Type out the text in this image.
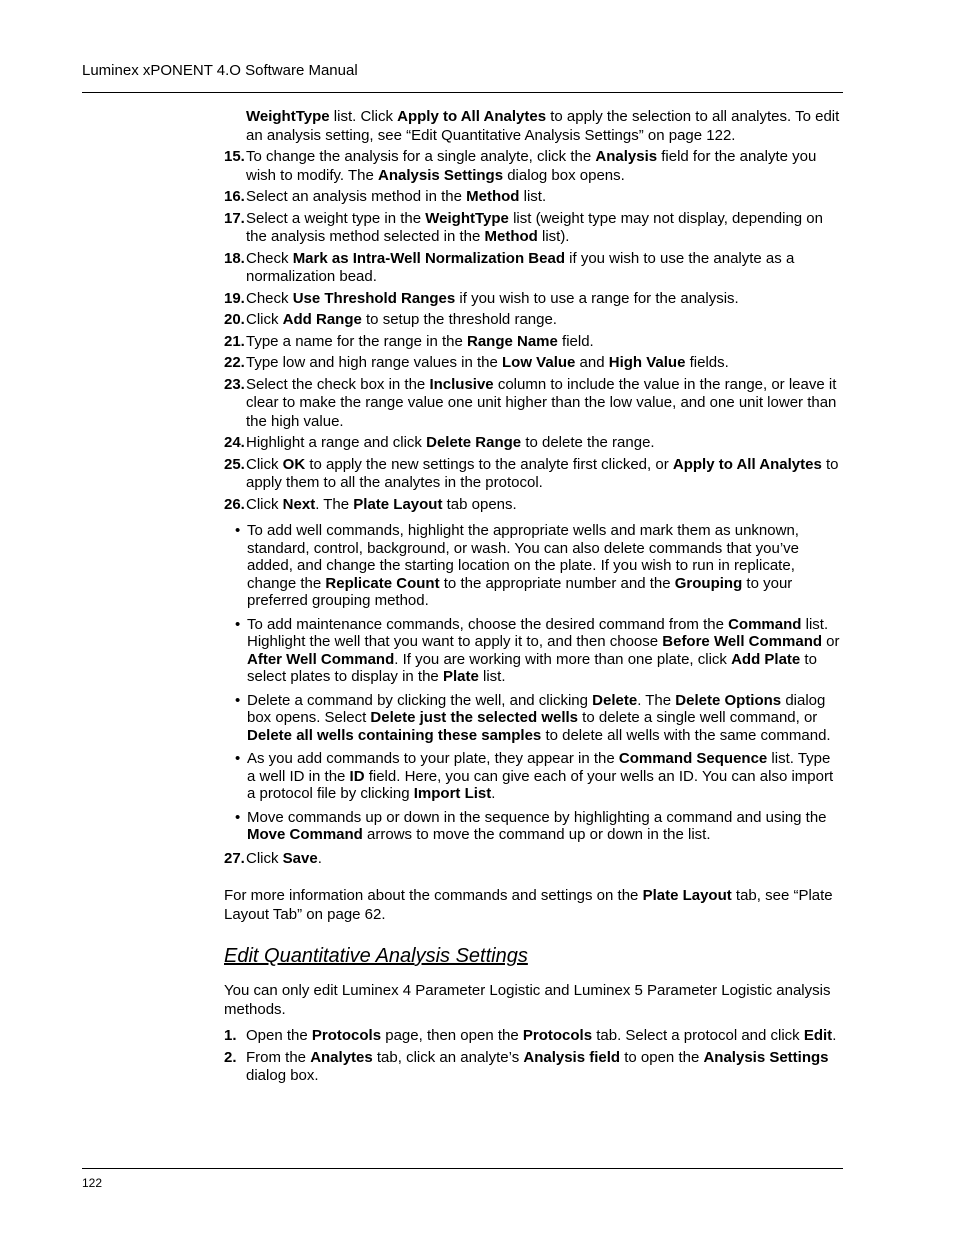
Luminex xPONENT 4.O Software Manual

WeightType list. Click Apply to All Analytes to apply the selection to all analytes. To edit an analysis setting, see “Edit Quantitative Analysis Settings” on page 122.

15. To change the analysis for a single analyte, click the Analysis field for the analyte you wish to modify. The Analysis Settings dialog box opens.
16. Select an analysis method in the Method list.
17. Select a weight type in the WeightType list (weight type may not display, depending on the analysis method selected in the Method list).
18. Check Mark as Intra-Well Normalization Bead if you wish to use the analyte as a normalization bead.
19. Check Use Threshold Ranges if you wish to use a range for the analysis.
20. Click Add Range to setup the threshold range.
21. Type a name for the range in the Range Name field.
22. Type low and high range values in the Low Value and High Value fields.
23. Select the check box in the Inclusive column to include the value in the range, or leave it clear to make the range value one unit higher than the low value, and one unit lower than the high value.
24. Highlight a range and click Delete Range to delete the range.
25. Click OK to apply the new settings to the analyte first clicked, or Apply to All Analytes to apply them to all the analytes in the protocol.
26. Click Next. The Plate Layout tab opens.
• To add well commands, highlight the appropriate wells and mark them as unknown, standard, control, background, or wash. You can also delete commands that you’ve added, and change the starting location on the plate. If you wish to run in replicate, change the Replicate Count to the appropriate number and the Grouping to your preferred grouping method.
• To add maintenance commands, choose the desired command from the Command list. Highlight the well that you want to apply it to, and then choose Before Well Command or After Well Command. If you are working with more than one plate, click Add Plate to select plates to display in the Plate list.
• Delete a command by clicking the well, and clicking Delete. The Delete Options dialog box opens. Select Delete just the selected wells to delete a single well command, or Delete all wells containing these samples to delete all wells with the same command.
• As you add commands to your plate, they appear in the Command Sequence list. Type a well ID in the ID field. Here, you can give each of your wells an ID. You can also import a protocol file by clicking Import List.
• Move commands up or down in the sequence by highlighting a command and using the Move Command arrows to move the command up or down in the list.
27. Click Save.

For more information about the commands and settings on the Plate Layout tab, see “Plate Layout Tab” on page 62.

Edit Quantitative Analysis Settings

You can only edit Luminex 4 Parameter Logistic and Luminex 5 Parameter Logistic analysis methods.

1. Open the Protocols page, then open the Protocols tab. Select a protocol and click Edit.
2. From the Analytes tab, click an analyte’s Analysis field to open the Analysis Settings dialog box.
122
